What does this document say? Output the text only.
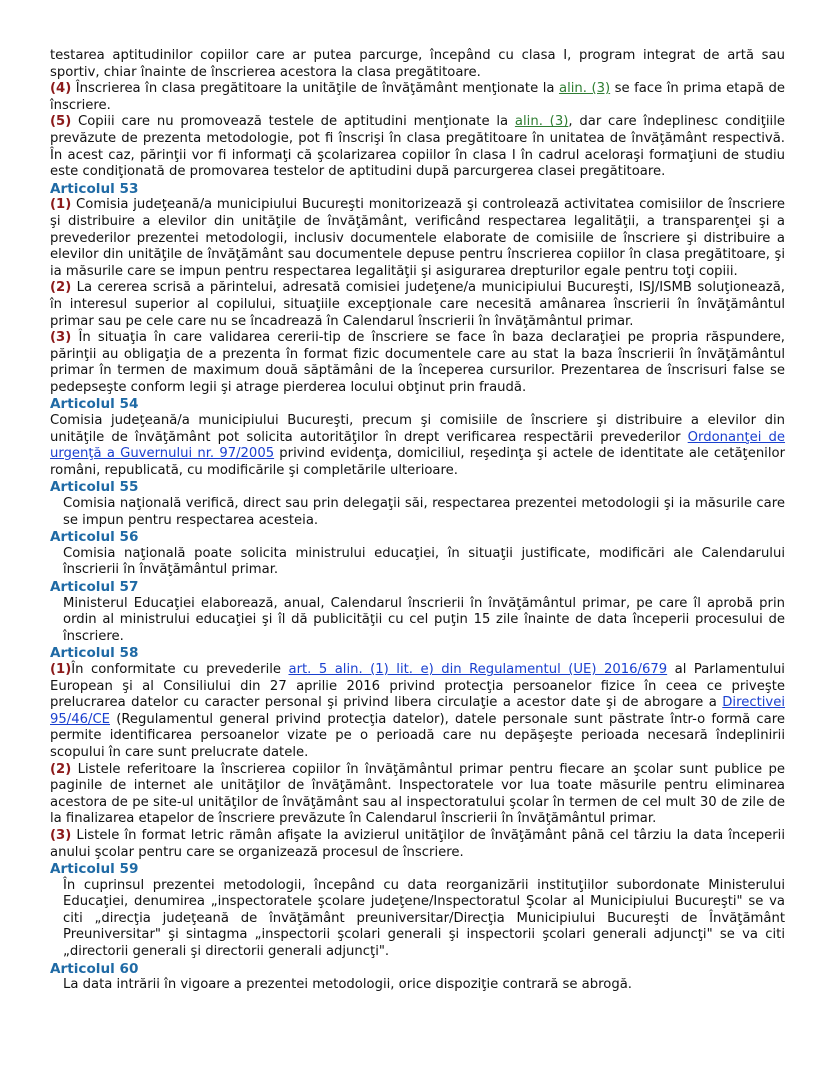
testarea aptitudinilor copiilor care ar putea parcurge, începând cu clasa I, program integrat de artă sau sportiv, chiar înainte de înscrierea acestora la clasa pregătitoare.

(4) Înscrierea în clasa pregătitoare la unităţile de învăţământ menţionate la alin. (3) se face în prima etapă de înscriere.

(5) Copiii care nu promovează testele de aptitudini menţionate la alin. (3), dar care îndeplinesc condiţiile prevăzute de prezenta metodologie, pot fi înscrişi în clasa pregătitoare în unitatea de învăţământ respectivă. În acest caz, părinţii vor fi informaţi că şcolarizarea copiilor în clasa I în cadrul aceloraşi formaţiuni de studiu este condiţionată de promovarea testelor de aptitudini după parcurgerea clasei pregătitoare.

Articolul 53

(1) Comisia judeţeană/a municipiului Bucureşti monitorizează şi controlează activitatea comisiilor de înscriere şi distribuire a elevilor din unităţile de învăţământ, verificând respectarea legalităţii, a transparenţei şi a prevederilor prezentei metodologii, inclusiv documentele elaborate de comisiile de înscriere şi distribuire a elevilor din unităţile de învăţământ sau documentele depuse pentru înscrierea copiilor în clasa pregătitoare, şi ia măsurile care se impun pentru respectarea legalităţii şi asigurarea drepturilor egale pentru toţi copiii.

(2) La cererea scrisă a părintelui, adresată comisiei judeţene/a municipiului Bucureşti, ISJ/ISMB soluţionează, în interesul superior al copilului, situaţiile excepţionale care necesită amânarea înscrierii în învăţământul primar sau pe cele care nu se încadrează în Calendarul înscrierii în învăţământul primar.

(3) În situaţia în care validarea cererii-tip de înscriere se face în baza declaraţiei pe propria răspundere, părinţii au obligaţia de a prezenta în format fizic documentele care au stat la baza înscrierii în învăţământul primar în termen de maximum două săptămâni de la începerea cursurilor. Prezentarea de înscrisuri false se pedepseşte conform legii şi atrage pierderea locului obţinut prin fraudă.

Articolul 54

Comisia judeţeană/a municipiului Bucureşti, precum şi comisiile de înscriere şi distribuire a elevilor din unităţile de învăţământ pot solicita autorităţilor în drept verificarea respectării prevederilor Ordonanţei de urgenţă a Guvernului nr. 97/2005 privind evidenţa, domiciliul, reşedinţa şi actele de identitate ale cetăţenilor români, republicată, cu modificările şi completările ulterioare.

Articolul 55

Comisia naţională verifică, direct sau prin delegaţii săi, respectarea prezentei metodologii şi ia măsurile care se impun pentru respectarea acesteia.

Articolul 56

Comisia naţională poate solicita ministrului educaţiei, în situaţii justificate, modificări ale Calendarului înscrierii în învăţământul primar.

Articolul 57

Ministerul Educaţiei elaborează, anual, Calendarul înscrierii în învăţământul primar, pe care îl aprobă prin ordin al ministrului educaţiei şi îl dă publicităţii cu cel puţin 15 zile înainte de data începerii procesului de înscriere.

Articolul 58

(1)În conformitate cu prevederile art. 5 alin. (1) lit. e) din Regulamentul (UE) 2016/679 al Parlamentului European şi al Consiliului din 27 aprilie 2016 privind protecţia persoanelor fizice în ceea ce priveşte prelucrarea datelor cu caracter personal şi privind libera circulaţie a acestor date şi de abrogare a Directivei 95/46/CE (Regulamentul general privind protecţia datelor), datele personale sunt păstrate într-o formă care permite identificarea persoanelor vizate pe o perioadă care nu depăşeşte perioada necesară îndeplinirii scopului în care sunt prelucrate datele.

(2) Listele referitoare la înscrierea copiilor în învăţământul primar pentru fiecare an şcolar sunt publice pe paginile de internet ale unităţilor de învăţământ. Inspectoratele vor lua toate măsurile pentru eliminarea acestora de pe site-ul unităţilor de învăţământ sau al inspectoratului şcolar în termen de cel mult 30 de zile de la finalizarea etapelor de înscriere prevăzute în Calendarul înscrierii în învăţământul primar.

(3) Listele în format letric rămân afişate la avizierul unităţilor de învăţământ până cel târziu la data începerii anului şcolar pentru care se organizează procesul de înscriere.

Articolul 59

În cuprinsul prezentei metodologii, începând cu data reorganizării instituţiilor subordonate Ministerului Educaţiei, denumirea „inspectoratele şcolare judeţene/Inspectoratul Şcolar al Municipiului Bucureşti" se va citi „direcţia judeţeană de învăţământ preuniversitar/Direcţia Municipiului Bucureşti de Învăţământ Preuniversitar" şi sintagma „inspectorii şcolari generali şi inspectorii şcolari generali adjuncţi" se va citi „directorii generali şi directorii generali adjuncţi".

Articolul 60

La data intrării în vigoare a prezentei metodologii, orice dispoziţie contrară se abrogă.
